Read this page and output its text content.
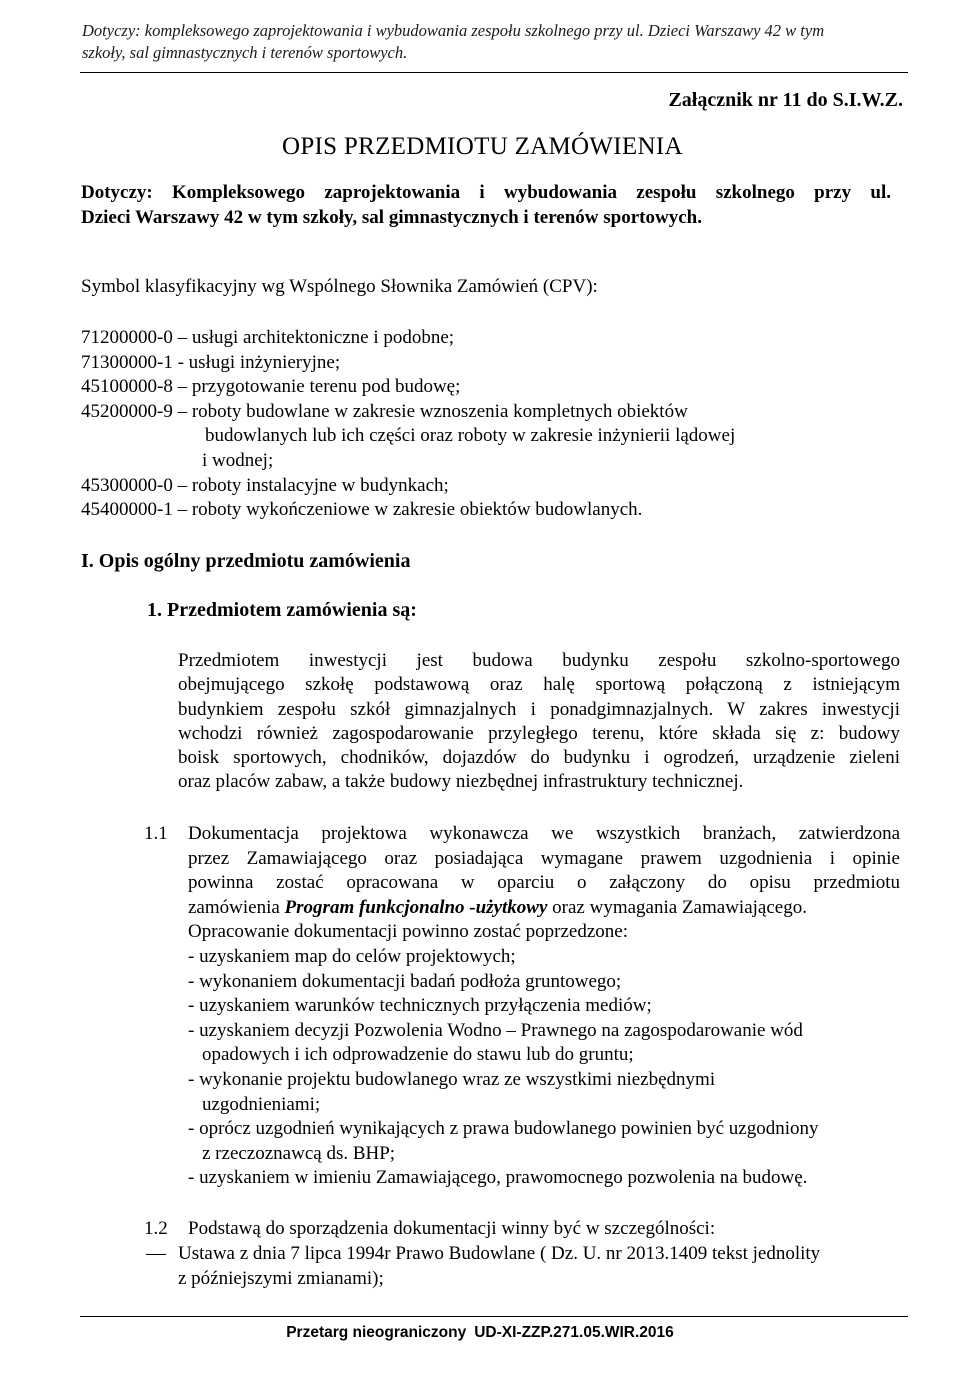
Dotyczy: kompleksowego zaprojektowania i wybudowania zespołu szkolnego przy ul. Dzieci Warszawy 42 w tym
szkoły, sal gimnastycznych i terenów sportowych.
Załącznik nr 11 do S.I.W.Z.
OPIS PRZEDMIOTU ZAMÓWIENIA
Dotyczy: Kompleksowego zaprojektowania i wybudowania zespołu szkolnego przy ul.
Dzieci Warszawy 42 w tym szkoły, sal gimnastycznych i terenów sportowych.
Symbol klasyfikacyjny wg Wspólnego Słownika Zamówień (CPV):
71200000-0 – usługi architektoniczne i podobne;
71300000-1 - usługi inżynieryjne;
45100000-8 – przygotowanie terenu pod budowę;
45200000-9 – roboty budowlane w zakresie wznoszenia kompletnych obiektów
budowlanych lub ich części oraz roboty w zakresie inżynierii lądowej
i wodnej;
45300000-0 – roboty instalacyjne w budynkach;
45400000-1 – roboty wykończeniowe w zakresie obiektów budowlanych.
I. Opis ogólny przedmiotu zamówienia
1. Przedmiotem zamówienia są:
Przedmiotem inwestycji jest budowa budynku zespołu szkolno-sportowego
obejmującego szkołę podstawową oraz halę sportową połączoną z istniejącym
budynkiem zespołu szkół gimnazjalnych i ponadgimnazjalnych. W zakres inwestycji
wchodzi również zagospodarowanie przyległego terenu, które składa się z: budowy
boisk sportowych, chodników, dojazdów do budynku i ogrodzeń, urządzenie zieleni
oraz placów zabaw, a także budowy niezbędnej infrastruktury technicznej.
1.1 Dokumentacja projektowa wykonawcza we wszystkich branżach, zatwierdzona
przez Zamawiającego oraz posiadająca wymagane prawem uzgodnienia i opinie
powinna zostać opracowana w oparciu o załączony do opisu przedmiotu
zamówienia Program funkcjonalno -użytkowy oraz wymagania Zamawiającego.
Opracowanie dokumentacji powinno zostać poprzedzone:
- uzyskaniem map do celów projektowych;
- wykonaniem dokumentacji badań podłoża gruntowego;
- uzyskaniem warunków technicznych przyłączenia mediów;
- uzyskaniem decyzji Pozwolenia Wodno – Prawnego na zagospodarowanie wód
opadowych i ich odprowadzenie do stawu lub do gruntu;
- wykonanie projektu budowlanego wraz ze wszystkimi niezbędnymi
uzgodnieniami;
- oprócz uzgodnień wynikających z prawa budowlanego powinien być uzgodniony
z rzeczoznawcą ds. BHP;
- uzyskaniem w imieniu Zamawiającego, prawomocnego pozwolenia na budowę.
1.2 Podstawą do sporządzenia dokumentacji winny być w szczególności:
Ustawa z dnia 7 lipca 1994r Prawo Budowlane ( Dz. U. nr 2013.1409 tekst jednolity
z późniejszymi zmianami);
Przetarg nieograniczony UD-XI-ZZP.271.05.WIR.2016
